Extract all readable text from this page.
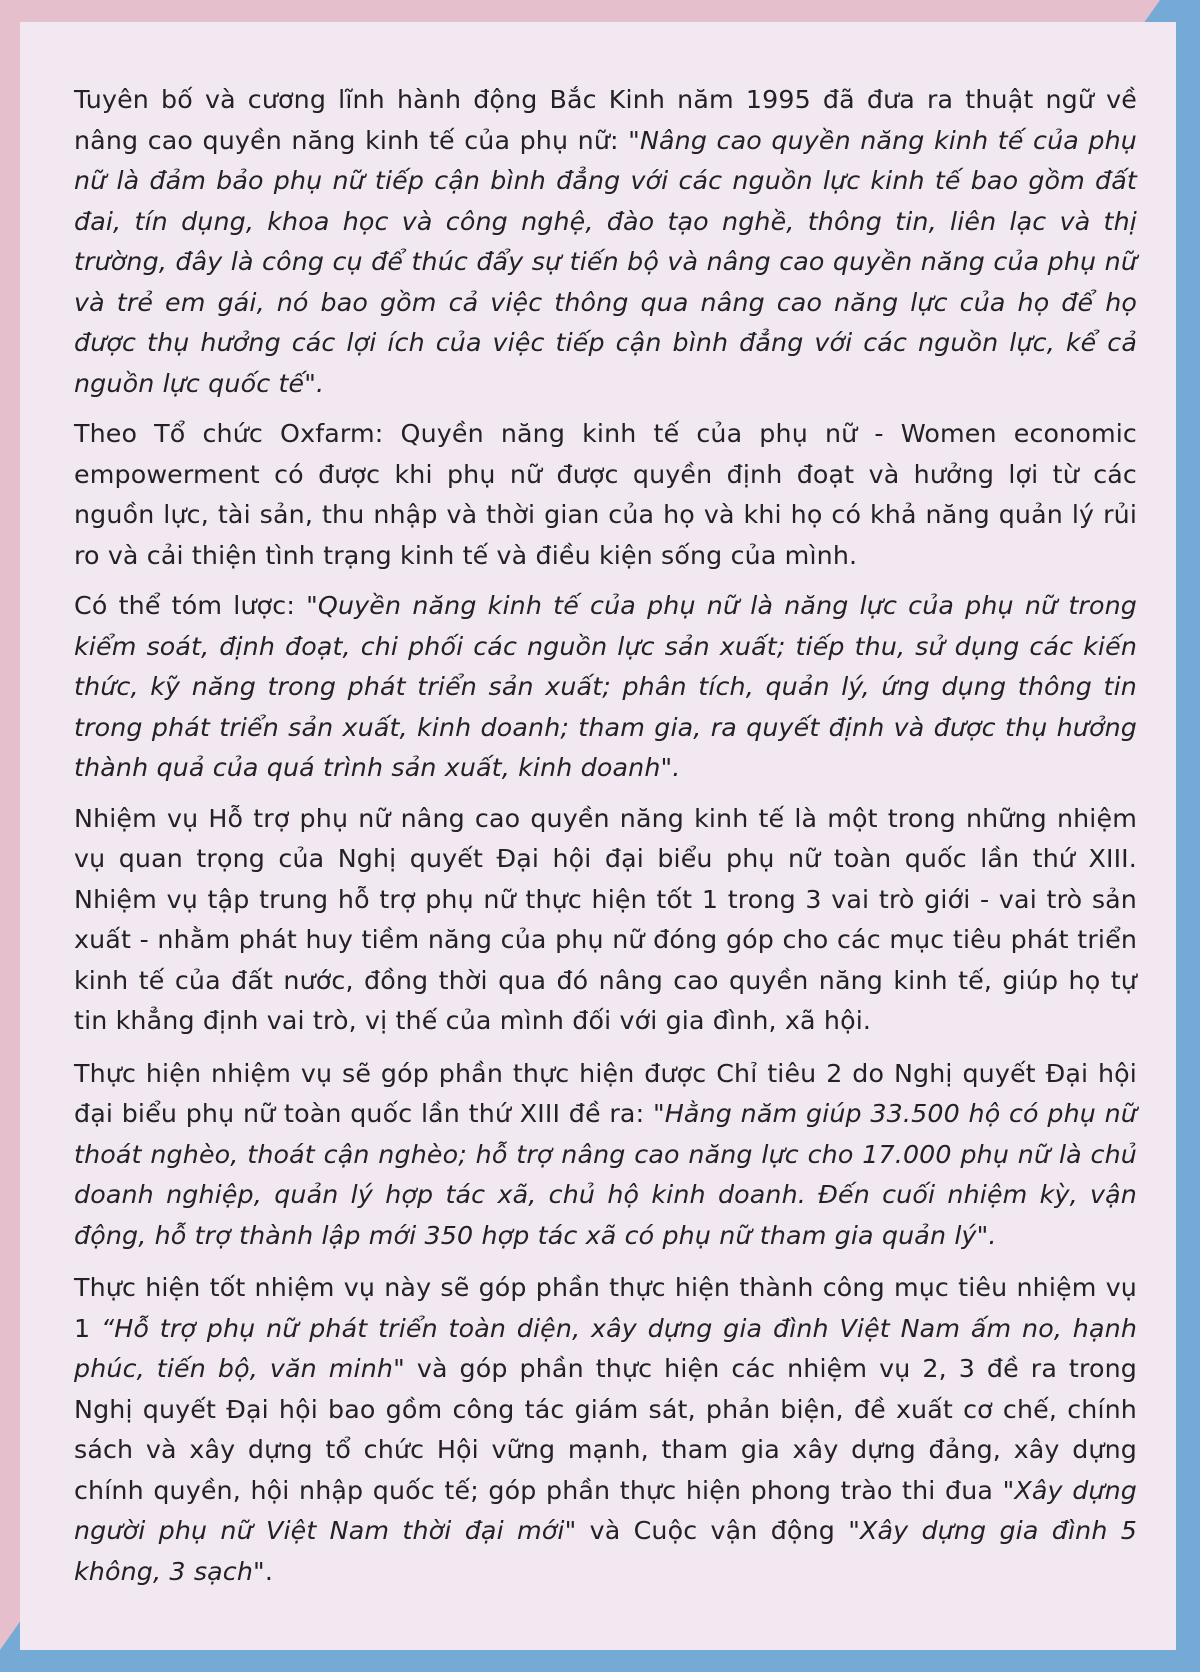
Tuyên bố và cương lĩnh hành động Bắc Kinh năm 1995 đã đưa ra thuật ngữ về nâng cao quyền năng kinh tế của phụ nữ: "Nâng cao quyền năng kinh tế của phụ nữ là đảm bảo phụ nữ tiếp cận bình đẳng với các nguồn lực kinh tế bao gồm đất đai, tín dụng, khoa học và công nghệ, đào tạo nghề, thông tin, liên lạc và thị trường, đây là công cụ để thúc đẩy sự tiến bộ và nâng cao quyền năng của phụ nữ và trẻ em gái, nó bao gồm cả việc thông qua nâng cao năng lực của họ để họ được thụ hưởng các lợi ích của việc tiếp cận bình đẳng với các nguồn lực, kể cả nguồn lực quốc tế".

Theo Tổ chức Oxfarm: Quyền năng kinh tế của phụ nữ - Women economic empowerment có được khi phụ nữ được quyền định đoạt và hưởng lợi từ các nguồn lực, tài sản, thu nhập và thời gian của họ và khi họ có khả năng quản lý rủi ro và cải thiện tình trạng kinh tế và điều kiện sống của mình.

Có thể tóm lược: "Quyền năng kinh tế của phụ nữ là năng lực của phụ nữ trong kiểm soát, định đoạt, chi phối các nguồn lực sản xuất; tiếp thu, sử dụng các kiến thức, kỹ năng trong phát triển sản xuất; phân tích, quản lý, ứng dụng thông tin trong phát triển sản xuất, kinh doanh; tham gia, ra quyết định và được thụ hưởng thành quả của quá trình sản xuất, kinh doanh".

Nhiệm vụ Hỗ trợ phụ nữ nâng cao quyền năng kinh tế là một trong những nhiệm vụ quan trọng của Nghị quyết Đại hội đại biểu phụ nữ toàn quốc lần thứ XIII. Nhiệm vụ tập trung hỗ trợ phụ nữ thực hiện tốt 1 trong 3 vai trò giới - vai trò sản xuất - nhằm phát huy tiềm năng của phụ nữ đóng góp cho các mục tiêu phát triển kinh tế của đất nước, đồng thời qua đó nâng cao quyền năng kinh tế, giúp họ tự tin khẳng định vai trò, vị thế của mình đối với gia đình, xã hội.

Thực hiện nhiệm vụ sẽ góp phần thực hiện được Chỉ tiêu 2 do Nghị quyết Đại hội đại biểu phụ nữ toàn quốc lần thứ XIII đề ra: "Hằng năm giúp 33.500 hộ có phụ nữ thoát nghèo, thoát cận nghèo; hỗ trợ nâng cao năng lực cho 17.000 phụ nữ là chủ doanh nghiệp, quản lý hợp tác xã, chủ hộ kinh doanh. Đến cuối nhiệm kỳ, vận động, hỗ trợ thành lập mới 350 hợp tác xã có phụ nữ tham gia quản lý".

Thực hiện tốt nhiệm vụ này sẽ góp phần thực hiện thành công mục tiêu nhiệm vụ 1 “Hỗ trợ phụ nữ phát triển toàn diện, xây dựng gia đình Việt Nam ấm no, hạnh phúc, tiến bộ, văn minh" và góp phần thực hiện các nhiệm vụ 2, 3 đề ra trong Nghị quyết Đại hội bao gồm công tác giám sát, phản biện, đề xuất cơ chế, chính sách và xây dựng tổ chức Hội vững mạnh, tham gia xây dựng đảng, xây dựng chính quyền, hội nhập quốc tế; góp phần thực hiện phong trào thi đua "Xây dựng người phụ nữ Việt Nam thời đại mới" và Cuộc vận động "Xây dựng gia đình 5 không, 3 sạch".
